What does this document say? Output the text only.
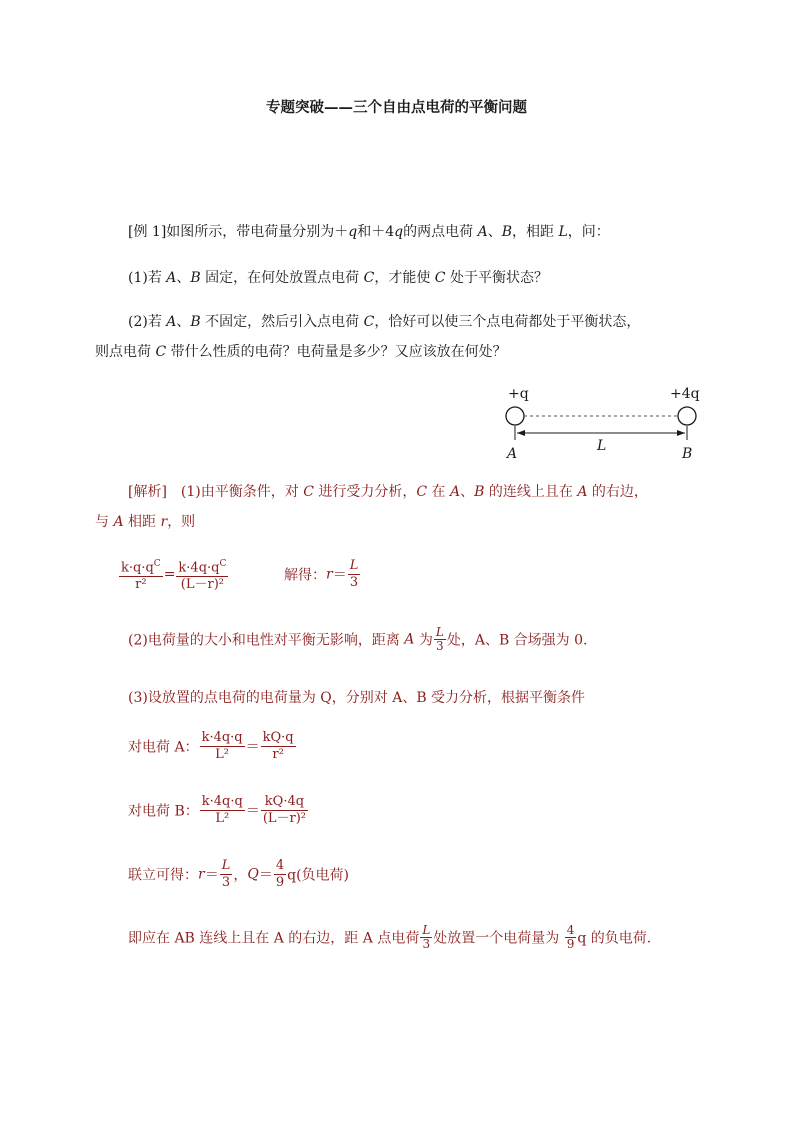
专题突破——三个自由点电荷的平衡问题
[例 1]如图所示，带电荷量分别为＋q和＋4q的两点电荷 A、B，相距 L，问：
(1)若 A、B 固定，在何处放置点电荷 C，才能使 C 处于平衡状态？
(2)若 A、B 不固定，然后引入点电荷 C，恰好可以使三个点电荷都处于平衡状态，
则点电荷 C 带什么性质的电荷？电荷量是多少？又应该放在何处？
+q	+4q
L
A	B
[解析]　(1)由平衡条件，对 C 进行受力分析，C 在 A、B 的连线上且在 A 的右边，
与 A 相距 r，则
$\frac{k\cdot q\cdot q^C}{\text{r²}} = \frac{k\cdot 4q\cdot q^C}{\text{(L－r)²}}$	解得：$r= \frac{L}{3}$
(2)电荷量的大小和电性对平衡无影响，距离 A 为 $\frac{L}{3}$ 处，A、B 合场强为 0.
(3)设放置的点电荷的电荷量为 Q，分别对 A、B 受力分析，根据平衡条件
对电荷 A： $\frac{k\cdot 4q\cdot q}{\text{L²}} = \frac{kQ\cdot q}{\text{r²}}$
对电荷 B： $\frac{k\cdot 4q\cdot q}{\text{L²}} = \frac{kQ\cdot 4q}{\text{(L－r)²}}$
联立可得：$r= \frac{L}{3}$ ，$Q= \frac{4}{9} q$(负电荷)
即应在 AB 连线上且在 A 的右边，距 A 点电荷 $\frac{L}{3}$ 处放置一个电荷量为 $\frac{4}{9}$ q 的负电荷.
